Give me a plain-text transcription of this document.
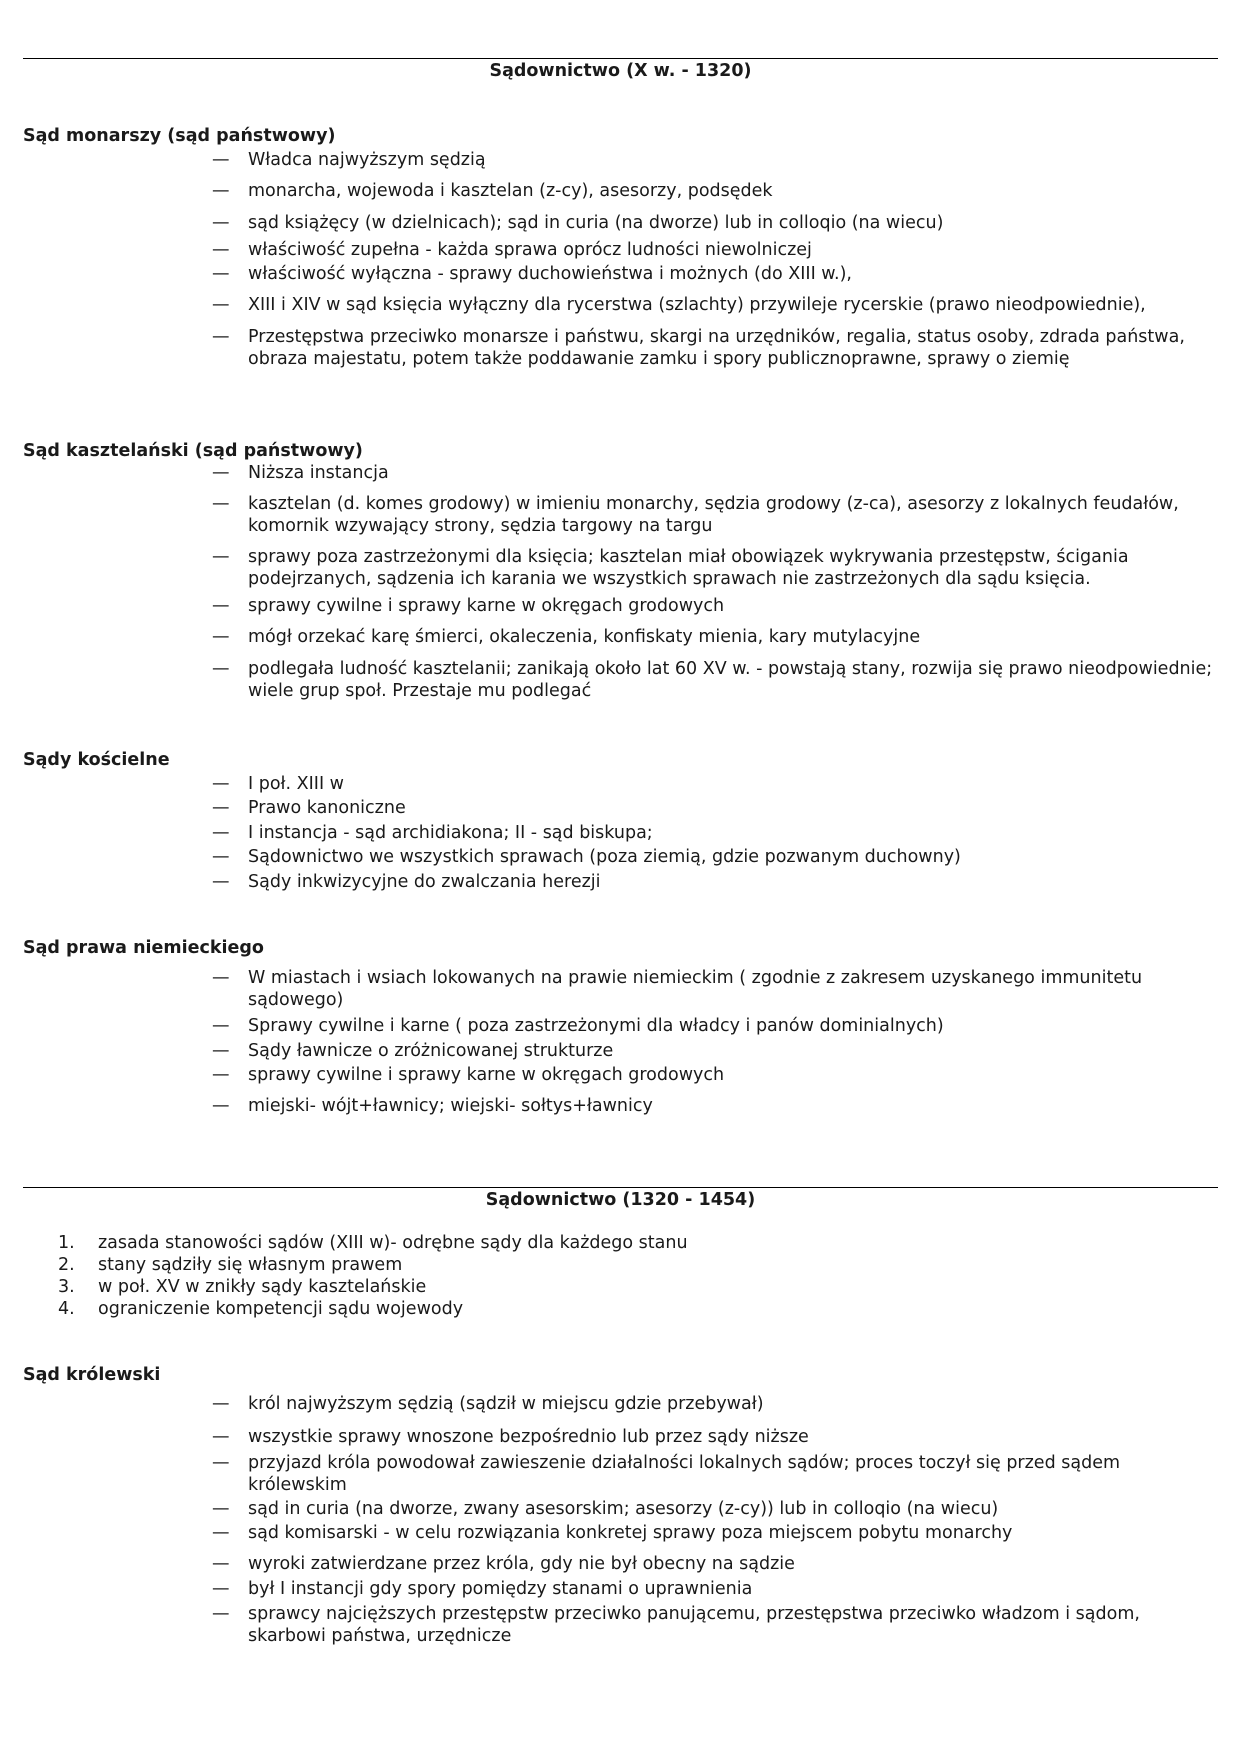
Sądownictwo (X w. - 1320)
Sąd monarszy (sąd państwowy)
—	Władca najwyższym sędzią
—	monarcha, wojewoda i kasztelan (z-cy), asesorzy, podsędek
—	sąd książęcy (w dzielnicach); sąd in curia (na dworze) lub in colloqio (na wiecu)
—	właściwość zupełna - każda sprawa oprócz ludności niewolniczej
—	właściwość wyłączna - sprawy duchowieństwa i możnych (do XIII w.),
—	XIII i XIV w sąd księcia wyłączny dla rycerstwa (szlachty) przywileje rycerskie (prawo nieodpowiednie),
—	Przestępstwa przeciwko monarsze i państwu, skargi na urzędników, regalia, status osoby, zdrada państwa, obraza majestatu, potem także poddawanie zamku i spory publicznoprawne, sprawy o ziemię
Sąd kasztelański (sąd państwowy)
—	Niższa instancja
—	kasztelan (d. komes grodowy) w imieniu monarchy, sędzia grodowy (z-ca), asesorzy z lokalnych feudałów, komornik wzywający strony, sędzia targowy na targu
—	sprawy poza zastrzeżonymi dla księcia; kasztelan miał obowiązek wykrywania przestępstw, ścigania podejrzanych, sądzenia ich karania we wszystkich sprawach nie zastrzeżonych dla sądu księcia.
—	sprawy cywilne i sprawy karne w okręgach grodowych
—	mógł orzekać karę śmierci, okaleczenia, konfiskaty mienia, kary mutylacyjne
—	podlegała ludność kasztelanii; zanikają około lat 60 XV w. - powstają stany, rozwija się prawo nieodpowiednie; wiele grup społ. Przestaje mu podlegać
Sądy kościelne
—	I poł. XIII w
—	Prawo kanoniczne
—	I instancja - sąd archidiakona; II - sąd biskupa;
—	Sądownictwo we wszystkich sprawach (poza ziemią, gdzie pozwanym duchowny)
—	Sądy inkwizycyjne do zwalczania herezji
Sąd prawa niemieckiego
—	W miastach i wsiach lokowanych na prawie niemieckim ( zgodnie z zakresem uzyskanego immunitetu sądowego)
—	Sprawy cywilne i karne ( poza zastrzeżonymi dla władcy i panów dominialnych)
—	Sądy ławnicze o zróżnicowanej strukturze
—	sprawy cywilne i sprawy karne w okręgach grodowych
—	miejski- wójt+ławnicy; wiejski- sołtys+ławnicy
Sądownictwo (1320 - 1454)
1.	zasada stanowości sądów (XIII w)- odrębne sądy dla każdego stanu
2.	stany sądziły się własnym prawem
3.	w poł. XV w znikły sądy kasztelańskie
4.	ograniczenie kompetencji sądu wojewody
Sąd królewski
—	król najwyższym sędzią (sądził w miejscu gdzie przebywał)
—	wszystkie sprawy wnoszone bezpośrednio lub przez sądy niższe
—	przyjazd króla powodował zawieszenie działalności lokalnych sądów; proces toczył się przed sądem królewskim
—	sąd in curia (na dworze, zwany asesorskim; asesorzy (z-cy)) lub in colloqio (na wiecu)
—	sąd komisarski - w celu rozwiązania konkretej sprawy poza miejscem pobytu monarchy
—	wyroki zatwierdzane przez króla, gdy nie był obecny na sądzie
—	był I instancji gdy spory pomiędzy stanami o uprawnienia
—	sprawcy najcięższych przestępstw przeciwko panującemu, przestępstwa przeciwko władzom i sądom, skarbowi państwa, urzędnicze
